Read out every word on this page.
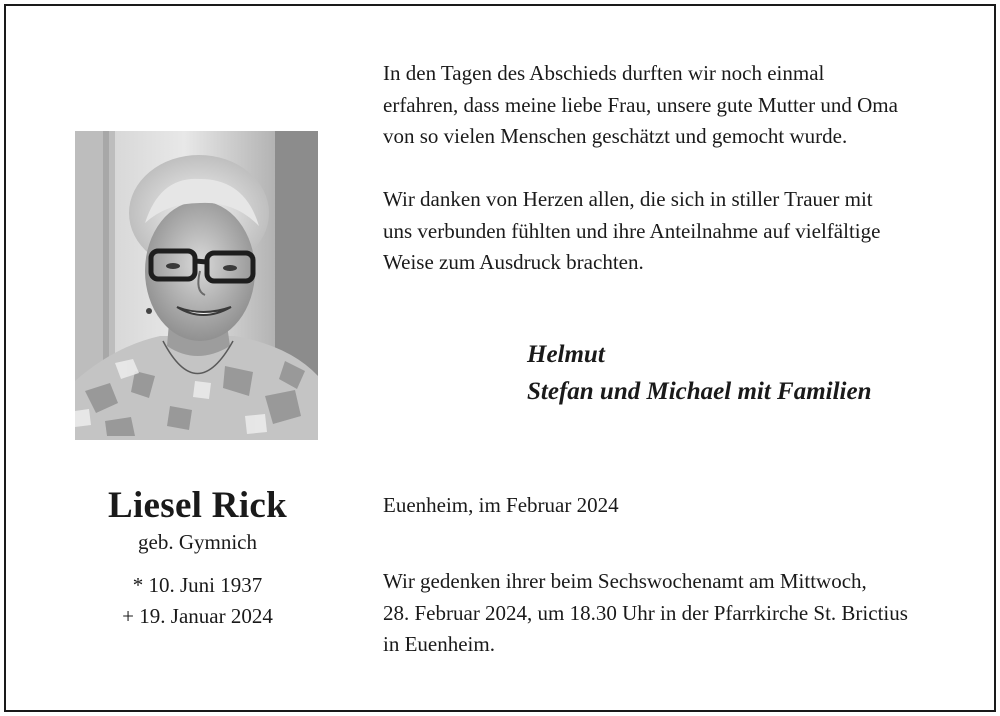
In den Tagen des Abschieds durften wir noch einmal
erfahren, dass meine liebe Frau, unsere gute Mutter und Oma
von so vielen Menschen geschätzt und gemocht wurde.
Wir danken von Herzen allen, die sich in stiller Trauer mit
uns verbunden fühlten und ihre Anteilnahme auf vielfältige
Weise zum Ausdruck brachten.
Helmut
Stefan und Michael mit Familien
Liesel Rick
geb. Gymnich
* 10. Juni 1937
+ 19. Januar 2024
Euenheim, im Februar 2024
Wir gedenken ihrer beim Sechswochenamt am Mittwoch,
28. Februar 2024, um 18.30 Uhr in der Pfarrkirche St. Brictius
in Euenheim.
